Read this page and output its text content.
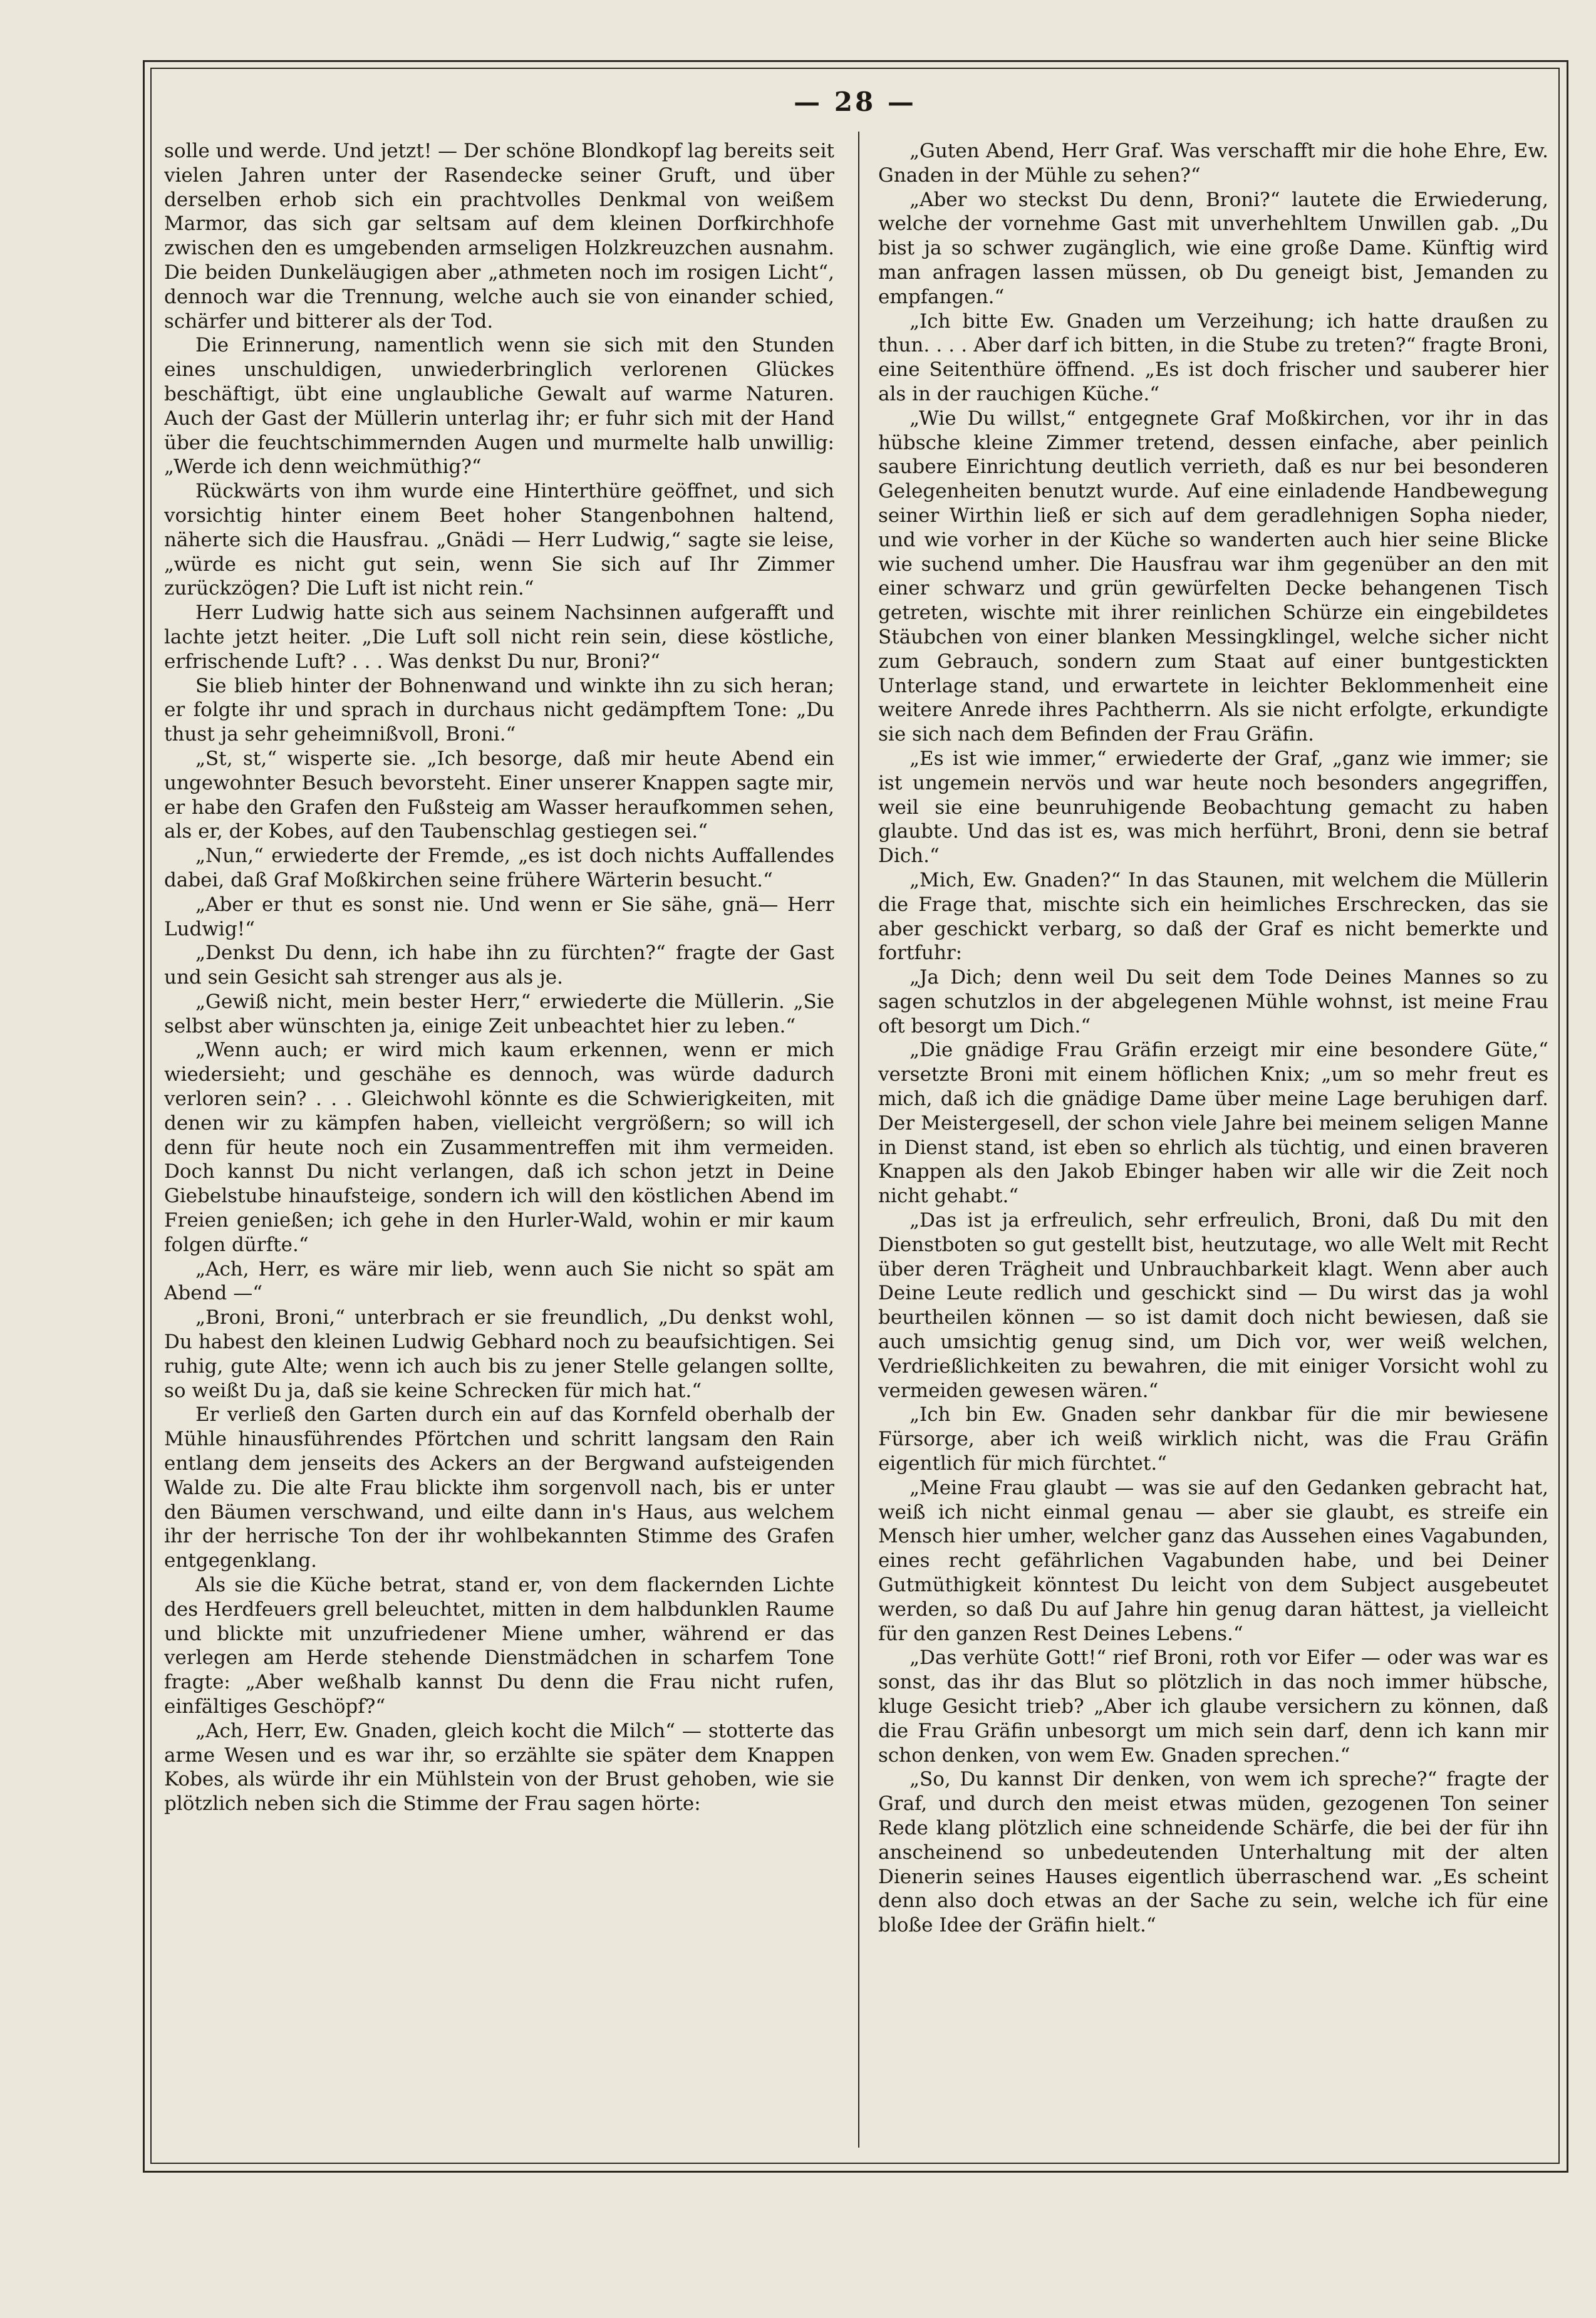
— 28 —

solle und werde. Und jetzt! — Der schöne Blondkopf lag bereits seit vielen Jahren unter der Rasendecke seiner Gruft, und über derselben erhob sich ein prachtvolles Denkmal von weißem Marmor, das sich gar seltsam auf dem kleinen Dorfkirchhofe zwischen den es umgebenden armseligen Holzkreuzchen ausnahm. Die beiden Dunkeläugigen aber „athmeten noch im rosigen Licht“, dennoch war die Trennung, welche auch sie von einander schied, schärfer und bitterer als der Tod.

Die Erinnerung, namentlich wenn sie sich mit den Stunden eines unschuldigen, unwiederbringlich verlorenen Glückes beschäftigt, übt eine unglaubliche Gewalt auf warme Naturen. Auch der Gast der Müllerin unterlag ihr; er fuhr sich mit der Hand über die feuchtschimmernden Augen und murmelte halb unwillig: „Werde ich denn weichmüthig?“

Rückwärts von ihm wurde eine Hinterthüre geöffnet, und sich vorsichtig hinter einem Beet hoher Stangenbohnen haltend, näherte sich die Hausfrau. „Gnädi — Herr Ludwig,“ sagte sie leise, „würde es nicht gut sein, wenn Sie sich auf Ihr Zimmer zurückzögen? Die Luft ist nicht rein.“

Herr Ludwig hatte sich aus seinem Nachsinnen aufgerafft und lachte jetzt heiter. „Die Luft soll nicht rein sein, diese köstliche, erfrischende Luft? . . . Was denkst Du nur, Broni?“

Sie blieb hinter der Bohnenwand und winkte ihn zu sich heran; er folgte ihr und sprach in durchaus nicht gedämpftem Tone: „Du thust ja sehr geheimnißvoll, Broni.“

„St, st,“ wisperte sie. „Ich besorge, daß mir heute Abend ein ungewohnter Besuch bevorsteht. Einer unserer Knappen sagte mir, er habe den Grafen den Fußsteig am Wasser heraufkommen sehen, als er, der Kobes, auf den Taubenschlag gestiegen sei.“

„Nun,“ erwiederte der Fremde, „es ist doch nichts Auffallendes dabei, daß Graf Moßkirchen seine frühere Wärterin besucht.“

„Aber er thut es sonst nie. Und wenn er Sie sähe, gnä— Herr Ludwig!“

„Denkst Du denn, ich habe ihn zu fürchten?“ fragte der Gast und sein Gesicht sah strenger aus als je.

„Gewiß nicht, mein bester Herr,“ erwiederte die Müllerin. „Sie selbst aber wünschten ja, einige Zeit unbeachtet hier zu leben.“

„Wenn auch; er wird mich kaum erkennen, wenn er mich wiedersieht; und geschähe es dennoch, was würde dadurch verloren sein? . . . Gleichwohl könnte es die Schwierigkeiten, mit denen wir zu kämpfen haben, vielleicht vergrößern; so will ich denn für heute noch ein Zusammentreffen mit ihm vermeiden. Doch kannst Du nicht verlangen, daß ich schon jetzt in Deine Giebelstube hinaufsteige, sondern ich will den köstlichen Abend im Freien genießen; ich gehe in den Hurler-Wald, wohin er mir kaum folgen dürfte.“

„Ach, Herr, es wäre mir lieb, wenn auch Sie nicht so spät am Abend —“

„Broni, Broni,“ unterbrach er sie freundlich, „Du denkst wohl, Du habest den kleinen Ludwig Gebhard noch zu beaufsichtigen. Sei ruhig, gute Alte; wenn ich auch bis zu jener Stelle gelangen sollte, so weißt Du ja, daß sie keine Schrecken für mich hat.“

Er verließ den Garten durch ein auf das Kornfeld oberhalb der Mühle hinausführendes Pförtchen und schritt langsam den Rain entlang dem jenseits des Ackers an der Bergwand aufsteigenden Walde zu. Die alte Frau blickte ihm sorgenvoll nach, bis er unter den Bäumen verschwand, und eilte dann in's Haus, aus welchem ihr der herrische Ton der ihr wohlbekannten Stimme des Grafen entgegenklang.

Als sie die Küche betrat, stand er, von dem flackernden Lichte des Herdfeuers grell beleuchtet, mitten in dem halbdunklen Raume und blickte mit unzufriedener Miene umher, während er das verlegen am Herde stehende Dienstmädchen in scharfem Tone fragte: „Aber weßhalb kannst Du denn die Frau nicht rufen, einfältiges Geschöpf?“

„Ach, Herr, Ew. Gnaden, gleich kocht die Milch“ — stotterte das arme Wesen und es war ihr, so erzählte sie später dem Knappen Kobes, als würde ihr ein Mühlstein von der Brust gehoben, wie sie plötzlich neben sich die Stimme der Frau sagen hörte:

„Guten Abend, Herr Graf. Was verschafft mir die hohe Ehre, Ew. Gnaden in der Mühle zu sehen?“

„Aber wo steckst Du denn, Broni?“ lautete die Erwiederung, welche der vornehme Gast mit unverhehltem Unwillen gab. „Du bist ja so schwer zugänglich, wie eine große Dame. Künftig wird man anfragen lassen müssen, ob Du geneigt bist, Jemanden zu empfangen.“

„Ich bitte Ew. Gnaden um Verzeihung; ich hatte draußen zu thun. . . . Aber darf ich bitten, in die Stube zu treten?“ fragte Broni, eine Seitenthüre öffnend. „Es ist doch frischer und sauberer hier als in der rauchigen Küche.“

„Wie Du willst,“ entgegnete Graf Moßkirchen, vor ihr in das hübsche kleine Zimmer tretend, dessen einfache, aber peinlich saubere Einrichtung deutlich verrieth, daß es nur bei besonderen Gelegenheiten benutzt wurde. Auf eine einladende Handbewegung seiner Wirthin ließ er sich auf dem geradlehnigen Sopha nieder, und wie vorher in der Küche so wanderten auch hier seine Blicke wie suchend umher. Die Hausfrau war ihm gegenüber an den mit einer schwarz und grün gewürfelten Decke behangenen Tisch getreten, wischte mit ihrer reinlichen Schürze ein eingebildetes Stäubchen von einer blanken Messingklingel, welche sicher nicht zum Gebrauch, sondern zum Staat auf einer buntgestickten Unterlage stand, und erwartete in leichter Beklommenheit eine weitere Anrede ihres Pachtherrn. Als sie nicht erfolgte, erkundigte sie sich nach dem Befinden der Frau Gräfin.

„Es ist wie immer,“ erwiederte der Graf, „ganz wie immer; sie ist ungemein nervös und war heute noch besonders angegriffen, weil sie eine beunruhigende Beobachtung gemacht zu haben glaubte. Und das ist es, was mich herführt, Broni, denn sie betraf Dich.“

„Mich, Ew. Gnaden?“ In das Staunen, mit welchem die Müllerin die Frage that, mischte sich ein heimliches Erschrecken, das sie aber geschickt verbarg, so daß der Graf es nicht bemerkte und fortfuhr:

„Ja Dich; denn weil Du seit dem Tode Deines Mannes so zu sagen schutzlos in der abgelegenen Mühle wohnst, ist meine Frau oft besorgt um Dich.“

„Die gnädige Frau Gräfin erzeigt mir eine besondere Güte,“ versetzte Broni mit einem höflichen Knix; „um so mehr freut es mich, daß ich die gnädige Dame über meine Lage beruhigen darf. Der Meistergesell, der schon viele Jahre bei meinem seligen Manne in Dienst stand, ist eben so ehrlich als tüchtig, und einen braveren Knappen als den Jakob Ebinger haben wir alle wir die Zeit noch nicht gehabt.“

„Das ist ja erfreulich, sehr erfreulich, Broni, daß Du mit den Dienstboten so gut gestellt bist, heutzutage, wo alle Welt mit Recht über deren Trägheit und Unbrauchbarkeit klagt. Wenn aber auch Deine Leute redlich und geschickt sind — Du wirst das ja wohl beurtheilen können — so ist damit doch nicht bewiesen, daß sie auch umsichtig genug sind, um Dich vor, wer weiß welchen, Verdrießlichkeiten zu bewahren, die mit einiger Vorsicht wohl zu vermeiden gewesen wären.“

„Ich bin Ew. Gnaden sehr dankbar für die mir bewiesene Fürsorge, aber ich weiß wirklich nicht, was die Frau Gräfin eigentlich für mich fürchtet.“

„Meine Frau glaubt — was sie auf den Gedanken gebracht hat, weiß ich nicht einmal genau — aber sie glaubt, es streife ein Mensch hier umher, welcher ganz das Aussehen eines Vagabunden, eines recht gefährlichen Vagabunden habe, und bei Deiner Gutmüthigkeit könntest Du leicht von dem Subject ausgebeutet werden, so daß Du auf Jahre hin genug daran hättest, ja vielleicht für den ganzen Rest Deines Lebens.“

„Das verhüte Gott!“ rief Broni, roth vor Eifer — oder was war es sonst, das ihr das Blut so plötzlich in das noch immer hübsche, kluge Gesicht trieb? „Aber ich glaube versichern zu können, daß die Frau Gräfin unbesorgt um mich sein darf, denn ich kann mir schon denken, von wem Ew. Gnaden sprechen.“

„So, Du kannst Dir denken, von wem ich spreche?“ fragte der Graf, und durch den meist etwas müden, gezogenen Ton seiner Rede klang plötzlich eine schneidende Schärfe, die bei der für ihn anscheinend so unbedeutenden Unterhaltung mit der alten Dienerin seines Hauses eigentlich überraschend war. „Es scheint denn also doch etwas an der Sache zu sein, welche ich für eine bloße Idee der Gräfin hielt.“
